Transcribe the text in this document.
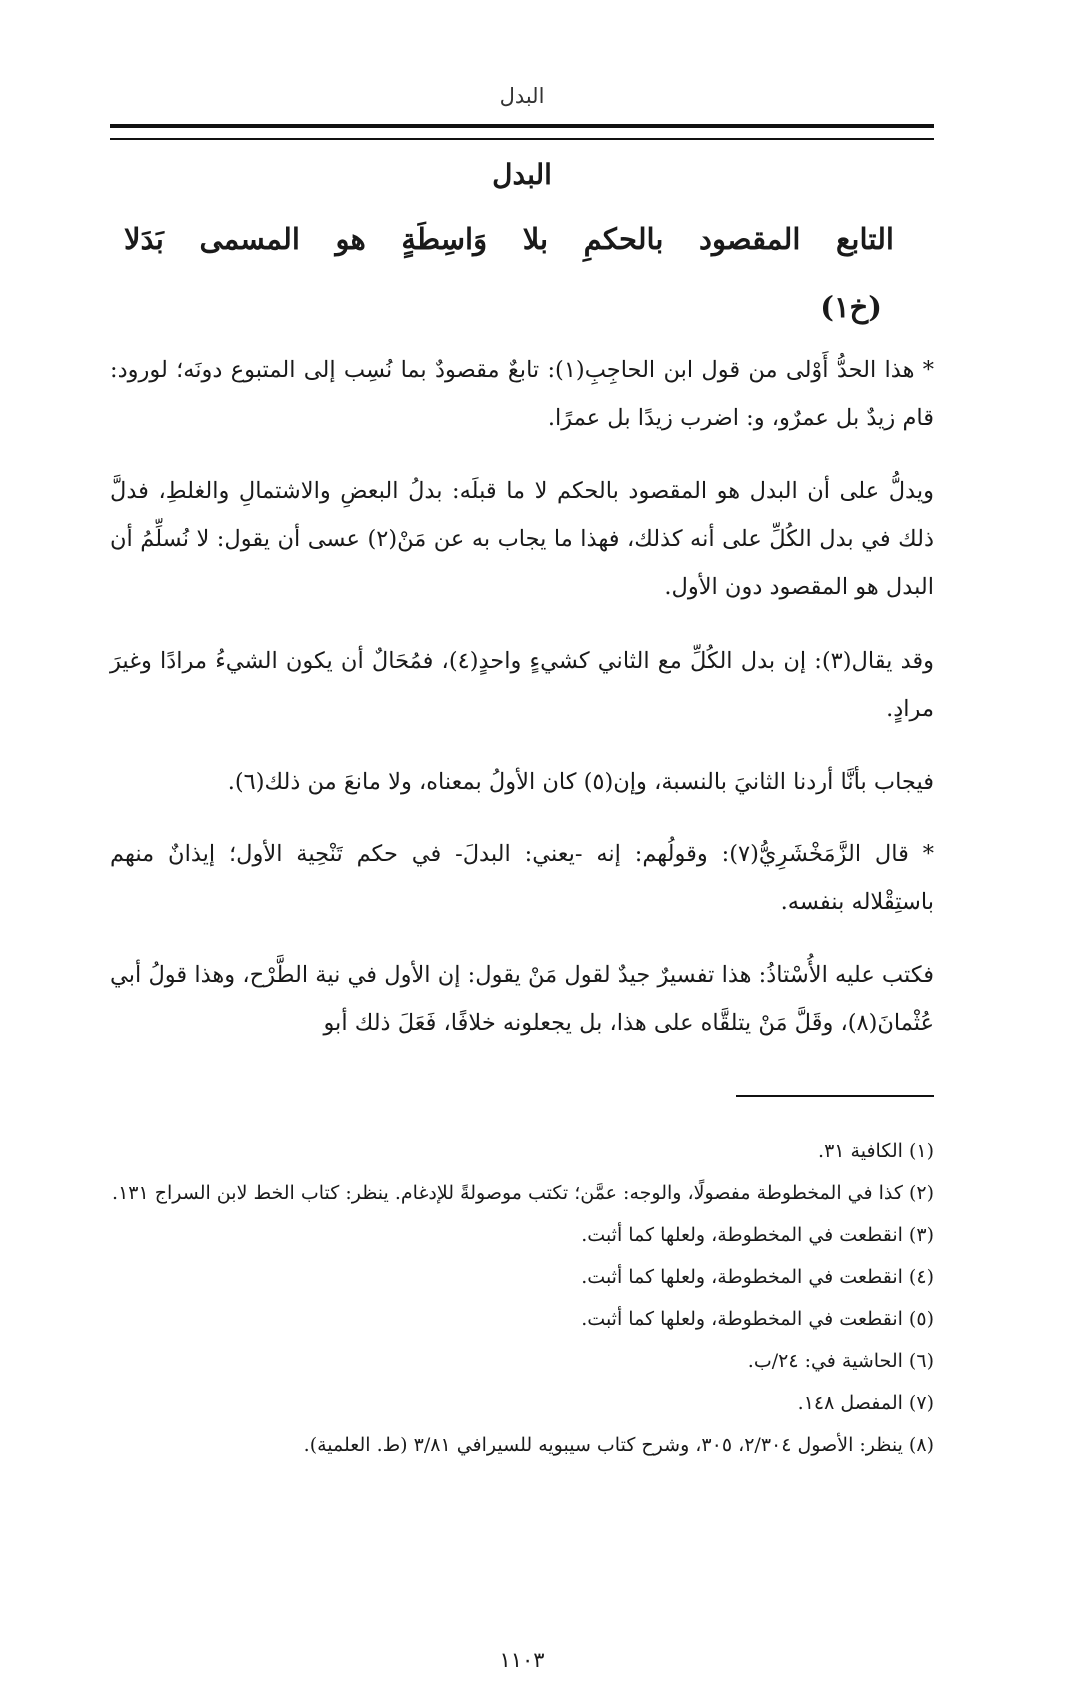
البدل
البدل
التابع
المقصود
بالحكمِ
بلا
وَاسِطَةٍ
هو
المسمى
بَدَلا
(خ١)

* هذا الحدُّ أَوْلى من قول ابن الحاجِبِ(١): تابعٌ مقصودٌ بما نُسِب إلى المتبوع دونَه؛ لورود: قام زيدٌ بل عمرٌو، و: اضرب زيدًا بل عمرًا.

ويدلُّ على أن البدل هو المقصود بالحكم لا ما قبلَه: بدلُ البعضِ والاشتمالِ والغلطِ، فدلَّ ذلك في بدل الكُلِّ على أنه كذلك، فهذا ما يجاب به عن مَنْ(٢) عسى أن يقول: لا نُسلِّمُ أن البدل هو المقصود دون الأول.

وقد يقال(٣): إن بدل الكُلِّ مع الثاني كشيءٍ واحدٍ(٤)، فمُحَالٌ أن يكون الشيءُ مرادًا وغيرَ مرادٍ.

فيجاب بأنَّا أردنا الثانيَ بالنسبة، وإن(٥) كان الأولُ بمعناه، ولا مانعَ من ذلك(٦).

* قال الزَّمَخْشَرِيُّ(٧): وقولُهم: إنه -يعني: البدلَ- في حكم تَنْحِية الأول؛ إيذانٌ منهم باستِقْلاله بنفسه.

فكتب عليه الأُسْتاذُ: هذا تفسيرٌ جيدٌ لقول مَنْ يقول: إن الأول في نية الطَّرْح، وهذا قولُ أبي عُثْمانَ(٨)، وقَلَّ مَنْ يتلقَّاه على هذا، بل يجعلونه خلافًا، فَعَلَ ذلك أبو

(١) الكافية ٣١.

(٢) كذا في المخطوطة مفصولًا، والوجه: عمَّن؛ تكتب موصولةً للإدغام. ينظر: كتاب الخط لابن السراج ١٣١.

(٣) انقطعت في المخطوطة، ولعلها كما أثبت.

(٤) انقطعت في المخطوطة، ولعلها كما أثبت.

(٥) انقطعت في المخطوطة، ولعلها كما أثبت.

(٦) الحاشية في: ٢٤/ب.

(٧) المفصل ١٤٨.

(٨) ينظر: الأصول ٢/٣٠٤، ٣٠٥، وشرح كتاب سيبويه للسيرافي ٣/٨١ (ط. العلمية).

١١٠٣
